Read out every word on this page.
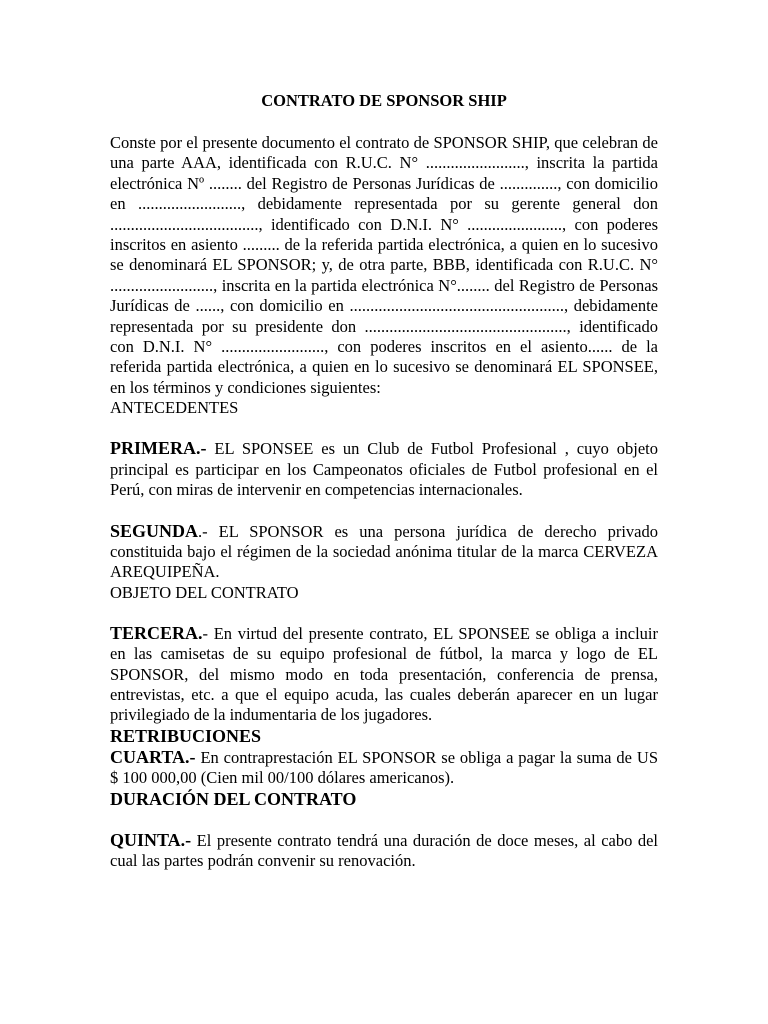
CONTRATO DE SPONSOR SHIP

Conste por el presente documento el contrato de SPONSOR SHIP, que celebran de una parte AAA, identificada con R.U.C. N° ........................, inscrita la partida electrónica Nº ........ del Registro de Personas Jurídicas de .............., con domicilio en ........................., debidamente representada por su gerente general don ...................................., identificado con D.N.I. N° ......................., con poderes inscritos en asiento ......... de la referida partida electrónica, a quien en lo sucesivo se denominará EL SPONSOR; y, de otra parte, BBB, identificada con R.U.C. N° ........................., inscrita en la partida electrónica N°........ del Registro de Personas Jurídicas de ......, con domicilio en ...................................................., debidamente representada por su presidente don ................................................., identificado con D.N.I. N° ........................., con poderes inscritos en el asiento...... de la referida partida electrónica, a quien en lo sucesivo se denominará EL SPONSEE, en los términos y condiciones siguientes:

ANTECEDENTES

PRIMERA.- EL SPONSEE es un Club de Futbol Profesional , cuyo objeto principal es participar en los Campeonatos oficiales de Futbol profesional en el Perú, con miras de intervenir en competencias internacionales.

SEGUNDA.- EL SPONSOR es una persona jurídica de derecho privado constituida bajo el régimen de la sociedad anónima titular de la marca CERVEZA AREQUIPEÑA.

OBJETO DEL CONTRATO

TERCERA.- En virtud del presente contrato, EL SPONSEE se obliga a incluir en las camisetas de su equipo profesional de fútbol, la marca y logo de EL SPONSOR, del mismo modo en toda presentación, conferencia de prensa, entrevistas, etc. a que el equipo acuda, las cuales deberán aparecer en un lugar privilegiado de la indumentaria de los jugadores.

RETRIBUCIONES

CUARTA.- En contraprestación EL SPONSOR se obliga a pagar la suma de US $ 100 000,00 (Cien mil 00/100 dólares americanos).

DURACIÓN DEL CONTRATO

QUINTA.- El presente contrato tendrá una duración de doce meses, al cabo del cual las partes podrán convenir su renovación.
